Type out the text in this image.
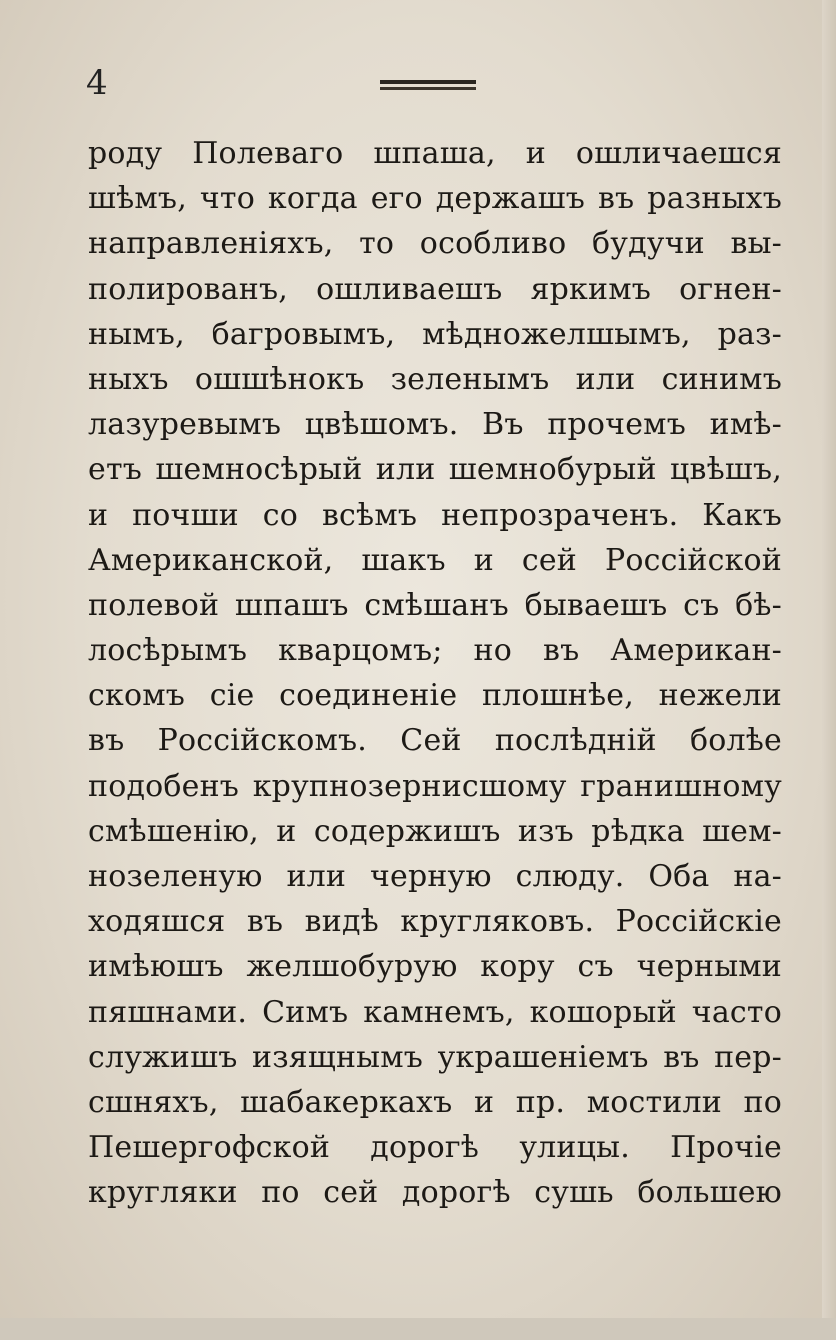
4
роду Полеваго шпаша, и ошличаешся
шѣмъ, что когда его держашъ въ разныхъ
направленiяхъ, то особливо будучи вы-
полированъ, ошливаешъ яркимъ огнен-
нымъ, багровымъ, мѣдножелшымъ, раз-
ныхъ ошшѣнокъ зеленымъ или синимъ
лазуревымъ цвѣшомъ. Въ прочемъ имѣ-
етъ шемносѣрый или шемнобурый цвѣшъ,
и почши со всѣмъ непрозраченъ. Какъ
Американской, шакъ и сей Россiйской
полевой шпашъ смѣшанъ бываешъ съ бѣ-
лосѣрымъ кварцомъ; но въ Американ-
скомъ сiе соединенiе плошнѣе, нежели
въ Россiйскомъ. Сей послѣднiй болѣе
подобенъ крупнозернисшому гранишному
смѣшенiю, и содержишъ изъ рѣдка шем-
нозеленую или черную слюду. Оба на-
ходяшся въ видѣ кругляковъ. Россiйскiе
имѣюшъ желшобурую кору съ черными
пяшнами. Симъ камнемъ, кошорый часто
служишъ изящнымъ украшенiемъ въ пер-
сшняхъ, шабакеркахъ и пр. мостили по
Пешергофской дорогѣ улицы. Прочiе
кругляки по сей дорогѣ сушь большею
